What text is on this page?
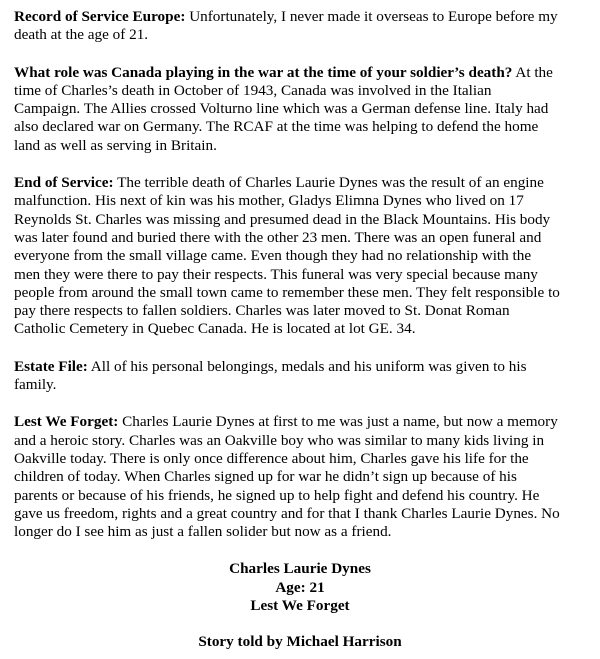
Record of Service Europe: Unfortunately, I never made it overseas to Europe before my
death at the age of 21.

What role was Canada playing in the war at the time of your soldier’s death? At the
time of Charles’s death in October of 1943, Canada was involved in the Italian
Campaign. The Allies crossed Volturno line which was a German defense line. Italy had
also declared war on Germany. The RCAF at the time was helping to defend the home
land as well as serving in Britain.

End of Service: The terrible death of Charles Laurie Dynes was the result of an engine
malfunction. His next of kin was his mother, Gladys Elimna Dynes who lived on 17
Reynolds St. Charles was missing and presumed dead in the Black Mountains. His body
was later found and buried there with the other 23 men. There was an open funeral and
everyone from the small village came. Even though they had no relationship with the
men they were there to pay their respects. This funeral was very special because many
people from around the small town came to remember these men. They felt responsible to
pay there respects to fallen soldiers. Charles was later moved to St. Donat Roman
Catholic Cemetery in Quebec Canada. He is located at lot GE. 34.

Estate File: All of his personal belongings, medals and his uniform was given to his
family.

Lest We Forget: Charles Laurie Dynes at first to me was just a name, but now a memory
and a heroic story. Charles was an Oakville boy who was similar to many kids living in
Oakville today. There is only once difference about him, Charles gave his life for the
children of today. When Charles signed up for war he didn’t sign up because of his
parents or because of his friends, he signed up to help fight and defend his country. He
gave us freedom, rights and a great country and for that I thank Charles Laurie Dynes. No
longer do I see him as just a fallen solider but now as a friend.

Charles Laurie Dynes
Age: 21
Lest We Forget
Story told by Michael Harrison
